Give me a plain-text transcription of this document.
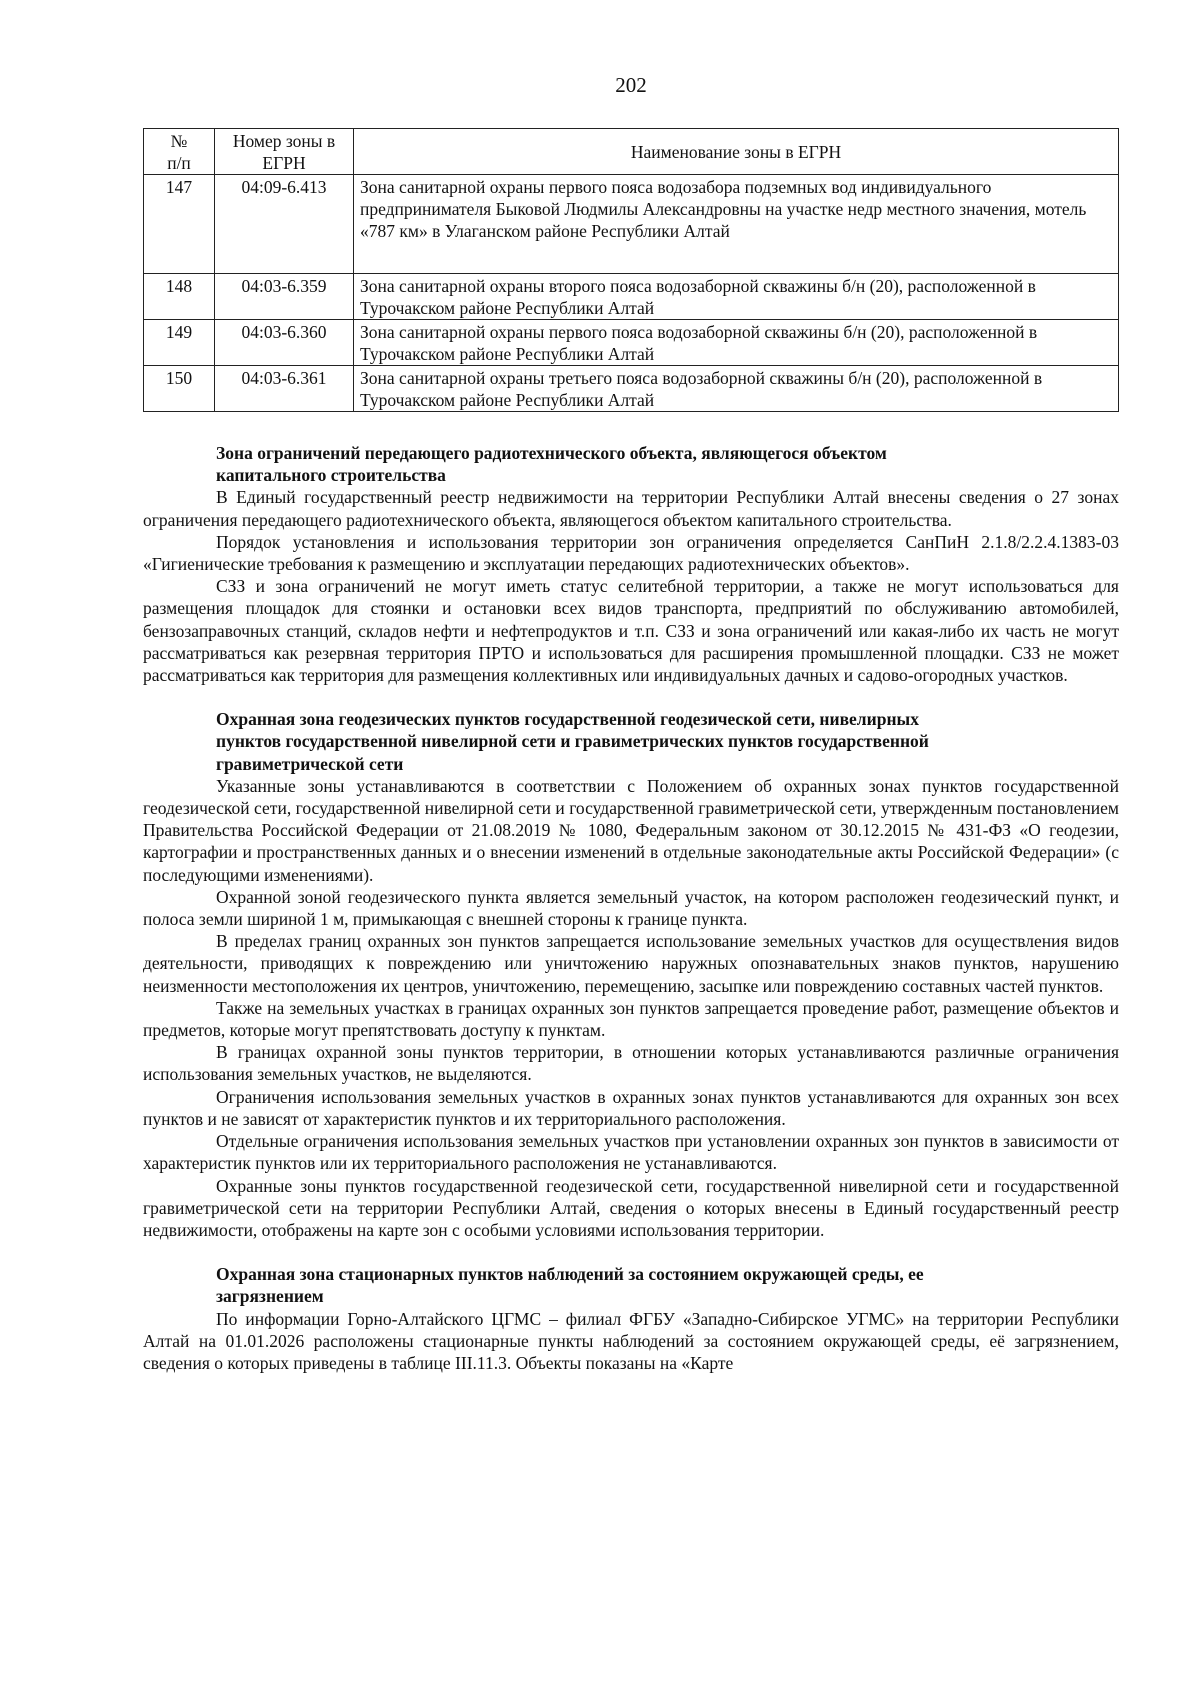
202
№
п/п	Номер зоны в ЕГРН	Наименование зоны в ЕГРН
147	04:09-6.413	Зона санитарной охраны первого пояса водозабора подземных вод индивидуального предпринимателя Быковой Людмилы Александровны на участке недр местного значения, мотель «787 км» в Улаганском районе Республики Алтай
148	04:03-6.359	Зона санитарной охраны второго пояса водозаборной скважины б/н (20), расположенной в Турочакском районе Республики Алтай
149	04:03-6.360	Зона санитарной охраны первого пояса водозаборной скважины б/н (20), расположенной в Турочакском районе Республики Алтай
150	04:03-6.361	Зона санитарной охраны третьего пояса водозаборной скважины б/н (20), расположенной в Турочакском районе Республики Алтай

Зона ограничений передающего радиотехнического объекта, являющегося объектом капитального строительства

В Единый государственный реестр недвижимости на территории Республики Алтай внесены сведения о 27 зонах ограничения передающего радиотехнического объекта, являющегося объектом капитального строительства.

Порядок установления и использования территории зон ограничения определяется СанПиН 2.1.8/2.2.4.1383-03 «Гигиенические требования к размещению и эксплуатации передающих радиотехнических объектов».

СЗЗ и зона ограничений не могут иметь статус селитебной территории, а также не могут использоваться для размещения площадок для стоянки и остановки всех видов транспорта, предприятий по обслуживанию автомобилей, бензозаправочных станций, складов нефти и нефтепродуктов и т.п. СЗЗ и зона ограничений или какая-либо их часть не могут рассматриваться как резервная территория ПРТО и использоваться для расширения промышленной площадки. СЗЗ не может рассматриваться как территория для размещения коллективных или индивидуальных дачных и садово-огородных участков.

Охранная зона геодезических пунктов государственной геодезической сети, нивелирных пунктов государственной нивелирной сети и гравиметрических пунктов государственной гравиметрической сети

Указанные зоны устанавливаются в соответствии с Положением об охранных зонах пунктов государственной геодезической сети, государственной нивелирной сети и государственной гравиметрической сети, утвержденным постановлением Правительства Российской Федерации от 21.08.2019 № 1080, Федеральным законом от 30.12.2015 № 431-ФЗ «О геодезии, картографии и пространственных данных и о внесении изменений в отдельные законодательные акты Российской Федерации» (с последующими изменениями).

Охранной зоной геодезического пункта является земельный участок, на котором расположен геодезический пункт, и полоса земли шириной 1 м, примыкающая с внешней стороны к границе пункта.

В пределах границ охранных зон пунктов запрещается использование земельных участков для осуществления видов деятельности, приводящих к повреждению или уничтожению наружных опознавательных знаков пунктов, нарушению неизменности местоположения их центров, уничтожению, перемещению, засыпке или повреждению составных частей пунктов.

Также на земельных участках в границах охранных зон пунктов запрещается проведение работ, размещение объектов и предметов, которые могут препятствовать доступу к пунктам.

В границах охранной зоны пунктов территории, в отношении которых устанавливаются различные ограничения использования земельных участков, не выделяются.

Ограничения использования земельных участков в охранных зонах пунктов устанавливаются для охранных зон всех пунктов и не зависят от характеристик пунктов и их территориального расположения.

Отдельные ограничения использования земельных участков при установлении охранных зон пунктов в зависимости от характеристик пунктов или их территориального расположения не устанавливаются.

Охранные зоны пунктов государственной геодезической сети, государственной нивелирной сети и государственной гравиметрической сети на территории Республики Алтай, сведения о которых внесены в Единый государственный реестр недвижимости, отображены на карте зон с особыми условиями использования территории.

Охранная зона стационарных пунктов наблюдений за состоянием окружающей среды, ее загрязнением

По информации Горно-Алтайского ЦГМС – филиал ФГБУ «Западно-Сибирское УГМС» на территории Республики Алтай на 01.01.2026 расположены стационарные пункты наблюдений за состоянием окружающей среды, её загрязнением, сведения о которых приведены в таблице III.11.3. Объекты показаны на «Карте
